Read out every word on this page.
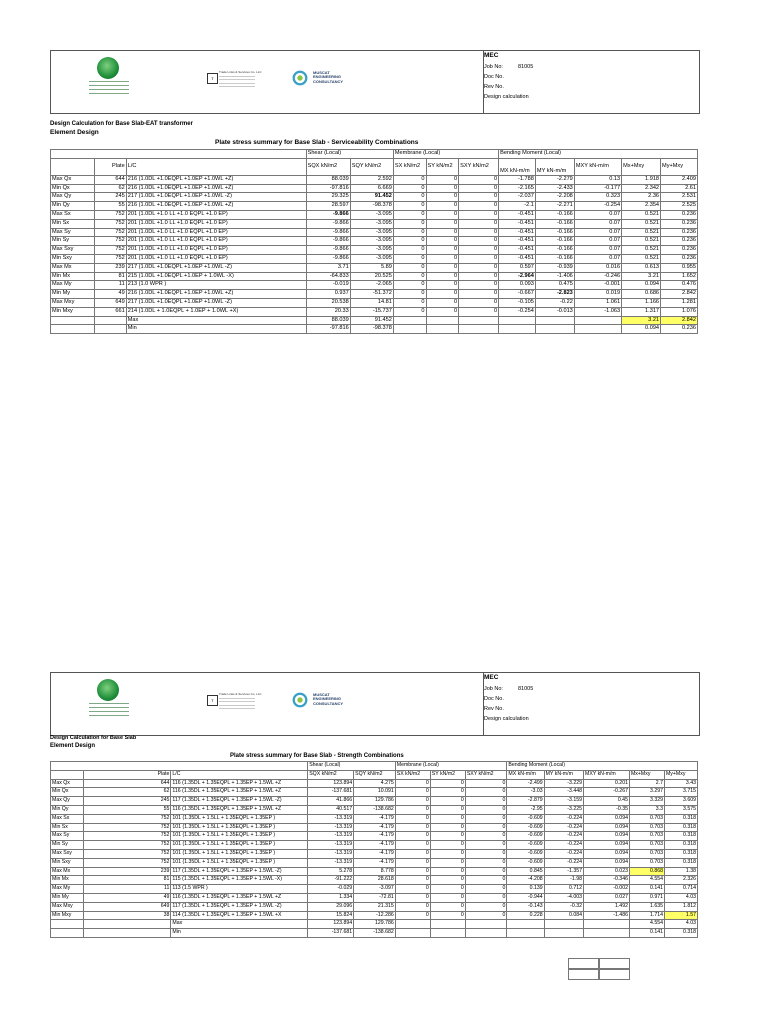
T
Trade Links & Services Co. LLC	MUSCAT
ENGINEERING
CONSULTANCY
MEC
Job No:	81005
Doc No.
Rev No.
Design calculation
Design Calculation for Base Slab-EAT transformer
Element Design
Plate stress summary for Base Slab - Serviceability Combinations
			Shear (Local)		Membrane (Local)			Bending Moment (Local)				
	Plate	L/C	SQX kN/m2	SQY kN/m2	SX kN/m2	SY kN/m2	SXY kN/m2	MX kN-m/m	MY kN-m/m	MXY kN-m/m	Mx+Mxy	My+Mxy
Max Qx	644	216 (1.0DL +1.0EQPL +1.0EP +1.0WL +Z)	88.039	2.592	0	0	0	-1.788	-2.279	0.13	1.918	2.409
Min Qx	62	216 (1.0DL +1.0EQPL +1.0EP +1.0WL +Z)	-97.816	6.669	0	0	0	-2.165	-2.433	-0.177	2.342	2.61
Max Qy	245	217 (1.0DL +1.0EQPL +1.0EP +1.0WL -Z)	29.325	91.452	0	0	0	-2.037	-2.208	0.323	2.36	2.531
Min Qy	55	216 (1.0DL +1.0EQPL +1.0EP +1.0WL +Z)	28.597	-98.378	0	0	0	-2.1	-2.271	-0.254	2.354	2.525
Max Sx	752	201 (1.0DL +1.0 LL +1.0 EQPL +1.0 EP)	-9.866	-3.095	0	0	0	-0.451	-0.166	0.07	0.521	0.236
Min Sx	752	201 (1.0DL +1.0 LL +1.0 EQPL +1.0 EP)	-9.866	-3.095	0	0	0	-0.451	-0.166	0.07	0.521	0.236
Max Sy	752	201 (1.0DL +1.0 LL +1.0 EQPL +1.0 EP)	-9.866	-3.095	0	0	0	-0.451	-0.166	0.07	0.521	0.236
Min Sy	752	201 (1.0DL +1.0 LL +1.0 EQPL +1.0 EP)	-9.866	-3.095	0	0	0	-0.451	-0.166	0.07	0.521	0.236
Max Sxy	752	201 (1.0DL +1.0 LL +1.0 EQPL +1.0 EP)	-9.866	-3.095	0	0	0	-0.451	-0.166	0.07	0.521	0.236
Min Sxy	752	201 (1.0DL +1.0 LL +1.0 EQPL +1.0 EP)	-9.866	-3.095	0	0	0	-0.451	-0.166	0.07	0.521	0.236
Max Mx	239	217 (1.0DL +1.0EQPL +1.0EP +1.0WL -Z)	3.71	5.89	0	0	0	0.597	-0.939	0.016	0.613	0.955
Min Mx	81	215 (1.0DL +1.0EQPL +1.0EP + 1.0WL -X)	-64.833	20.525	0	0	0	-2.964	-1.406	-0.246	3.21	1.652
Max My	11	213 (1.0 WPR )	-0.019	-2.065	0	0	0	0.093	0.475	-0.001	0.094	0.476
Min My	49	216 (1.0DL +1.0EQPL +1.0EP +1.0WL +Z)	0.937	-51.372	0	0	0	-0.667	-2.823	0.019	0.686	2.842
Max Mxy	649	217 (1.0DL +1.0EQPL +1.0EP +1.0WL -Z)	20.538	14.81	0	0	0	-0.105	-0.22	1.061	1.166	1.281
Min Mxy	661	214 (1.0DL + 1.0EQPL + 1.0EP + 1.0WL +X)	20.33	-15.737	0	0	0	-0.254	-0.013	-1.063	1.317	1.076
		Max	88.039	91.452							3.21	2.842
		Min	-97.816	-98.378							0.094	0.236
T
Trade Links & Services Co. LLC	MUSCAT
ENGINEERING
CONSULTANCY
MEC
Job No:	81005
Doc No.
Rev No.
Design calculation
Design Calculation for Base Slab
Element Design
Plate stress summary for Base Slab - Strength Combinations
			Shear (Local)		Membrane (Local)			Bending Moment (Local)				
	Plate	L/C	SQX kN/m2	SQY kN/m2	SX kN/m2	SY kN/m2	SXY kN/m2	MX kN-m/m	MY kN-m/m	MXY kN-m/m	Mx+Mxy	My+Mxy
Max Qx	644	116 (1.35DL + 1.35EQPL + 1.35EP + 1.5WL +Z	123.894	4.275	0	0	0	-2.499	-3.229	0.201	2.7	3.43
Min Qx	62	116 (1.35DL + 1.35EQPL + 1.35EP + 1.5WL +Z	-137.681	10.091	0	0	0	-3.03	-3.448	-0.267	3.297	3.715
Max Qy	245	117 (1.35DL + 1.35EQPL + 1.35EP + 1.5WL -Z)	41.866	129.786	0	0	0	-2.879	-3.159	0.45	3.329	3.609
Min Qy	55	116 (1.35DL + 1.35EQPL + 1.35EP + 1.5WL +Z	40.517	-138.682	0	0	0	-2.95	-3.225	-0.35	3.3	3.575
Max Sx	752	101 (1.35DL + 1.5LL + 1.35EQPL + 1.35EP )	-13.319	-4.179	0	0	0	-0.609	-0.224	0.094	0.703	0.318
Min Sx	752	101 (1.35DL + 1.5LL + 1.35EQPL + 1.35EP )	-13.319	-4.179	0	0	0	-0.609	-0.224	0.094	0.703	0.318
Max Sy	752	101 (1.35DL + 1.5LL + 1.35EQPL + 1.35EP )	-13.319	-4.179	0	0	0	-0.609	-0.224	0.094	0.703	0.318
Min Sy	752	101 (1.35DL + 1.5LL + 1.35EQPL + 1.35EP )	-13.319	-4.179	0	0	0	-0.609	-0.224	0.094	0.703	0.318
Max Sxy	752	101 (1.35DL + 1.5LL + 1.35EQPL + 1.35EP )	-13.319	-4.179	0	0	0	-0.609	-0.224	0.094	0.703	0.318
Min Sxy	752	101 (1.35DL + 1.5LL + 1.35EQPL + 1.35EP )	-13.319	-4.179	0	0	0	-0.609	-0.224	0.094	0.703	0.318
Max Mx	239	117 (1.35DL + 1.35EQPL + 1.35EP + 1.5WL -Z)	5.278	8.778	0	0	0	0.845	-1.357	0.023	0.868	1.38
Min Mx	81	115 (1.35DL + 1.35EQPL + 1.35EP + 1.5WL -X)	-91.222	28.618	0	0	0	-4.208	-1.98	-0.346	4.554	2.326
Max My	11	113 (1.5 WPR )	-0.029	-3.097	0	0	0	0.139	0.712	-0.002	0.141	0.714
Min My	49	116 (1.35DL + 1.35EQPL + 1.35EP + 1.5WL +Z	1.334	-72.81	0	0	0	-0.944	-4.003	0.027	0.971	4.03
Max Mxy	649	117 (1.35DL + 1.35EQPL + 1.35EP + 1.5WL -Z)	29.096	21.315	0	0	0	-0.143	-0.32	1.492	1.635	1.812
Min Mxy	38	114 (1.35DL + 1.35EQPL + 1.35EP + 1.5WL +X	15.824	-12.286	0	0	0	0.228	0.084	-1.486	1.714	1.57
		Max	123.894	129.786							4.554	4.03
		Min	-137.681	-138.682							0.141	0.318
